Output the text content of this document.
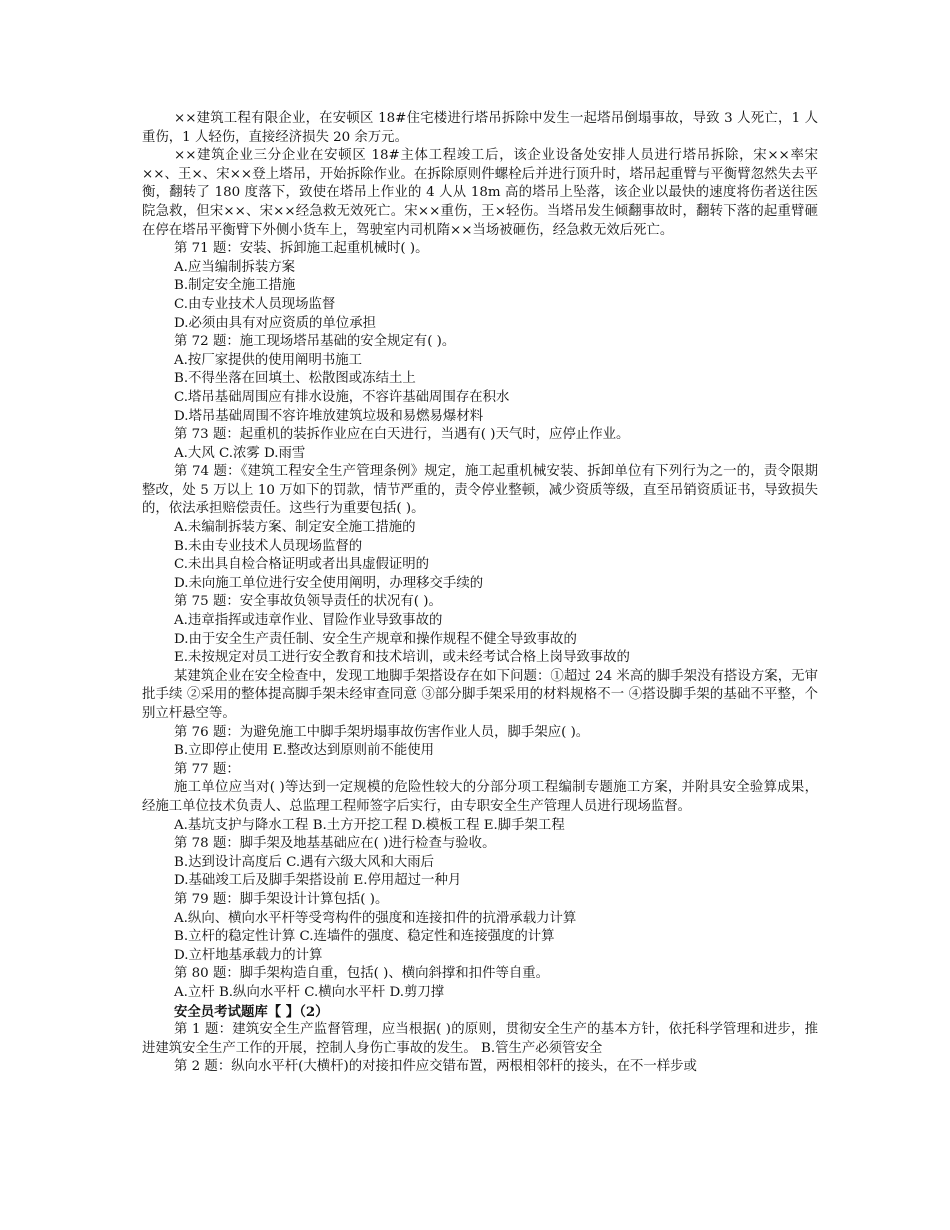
××建筑工程有限企业，在安顿区 18#住宅楼进行塔吊拆除中发生一起塔吊倒塌事故，导致 3 人死亡，1 人重伤，1 人轻伤，直接经济损失 20 余万元。

××建筑企业三分企业在安顿区 18#主体工程竣工后，该企业设备处安排人员进行塔吊拆除，宋××率宋××、王×、宋××登上塔吊，开始拆除作业。在拆除原则件螺栓后并进行顶升时，塔吊起重臂与平衡臂忽然失去平衡，翻转了 180 度落下，致使在塔吊上作业的 4 人从 18m 高的塔吊上坠落，该企业以最快的速度将伤者送往医院急救，但宋××、宋××经急救无效死亡。宋××重伤，王×轻伤。当塔吊发生倾翻事故时，翻转下落的起重臂砸在停在塔吊平衡臂下外侧小货车上，驾驶室内司机隋××当场被砸伤，经急救无效后死亡。

第 71 题：安装、拆卸施工起重机械时( )。

A.应当编制拆装方案

B.制定安全施工措施

C.由专业技术人员现场监督

D.必须由具有对应资质的单位承担

第 72 题：施工现场塔吊基础的安全规定有( )。

A.按厂家提供的使用阐明书施工

B.不得坐落在回填土、松散图或冻结土上

C.塔吊基础周围应有排水设施，不容许基础周围存在积水

D.塔吊基础周围不容许堆放建筑垃圾和易燃易爆材料

第 73 题：起重机的装拆作业应在白天进行，当遇有( )天气时，应停止作业。

A.大风 C.浓雾 D.雨雪

第 74 题：《建筑工程安全生产管理条例》规定，施工起重机械安装、拆卸单位有下列行为之一的，责令限期整改，处 5 万以上 10 万如下的罚款，情节严重的，责令停业整顿，减少资质等级，直至吊销资质证书，导致损失的，依法承担赔偿责任。这些行为重要包括( )。

A.未编制拆装方案、制定安全施工措施的

B.未由专业技术人员现场监督的

C.未出具自检合格证明或者出具虚假证明的

D.未向施工单位进行安全使用阐明，办理移交手续的

第 75 题：安全事故负领导责任的状况有( )。

A.违章指挥或违章作业、冒险作业导致事故的

D.由于安全生产责任制、安全生产规章和操作规程不健全导致事故的

E.未按规定对员工进行安全教育和技术培训，或未经考试合格上岗导致事故的

某建筑企业在安全检查中，发现工地脚手架搭设存在如下问题：①超过 24 米高的脚手架没有搭设方案，无审批手续 ②采用的整体提高脚手架未经审查同意 ③部分脚手架采用的材料规格不一 ④搭设脚手架的基础不平整，个别立杆悬空等。

第 76 题：为避免施工中脚手架坍塌事故伤害作业人员，脚手架应( )。

B.立即停止使用 E.整改达到原则前不能使用

第 77 题：

施工单位应当对( )等达到一定规模的危险性较大的分部分项工程编制专题施工方案，并附具安全验算成果，经施工单位技术负责人、总监理工程师签字后实行，由专职安全生产管理人员进行现场监督。

A.基坑支护与降水工程 B.土方开挖工程 D.模板工程 E.脚手架工程

第 78 题：脚手架及地基基础应在( )进行检查与验收。

B.达到设计高度后 C.遇有六级大风和大雨后

D.基础竣工后及脚手架搭设前 E.停用超过一种月

第 79 题：脚手架设计计算包括( )。

A.纵向、横向水平杆等受弯构件的强度和连接扣件的抗滑承载力计算

B.立杆的稳定性计算 C.连墙件的强度、稳定性和连接强度的计算

D.立杆地基承载力的计算

第 80 题：脚手架构造自重，包括( )、横向斜撑和扣件等自重。

A.立杆 B.纵向水平杆 C.横向水平杆 D.剪刀撑

安全员考试题库【 】（2）

第 1 题：建筑安全生产监督管理，应当根据( )的原则，贯彻安全生产的基本方针，依托科学管理和进步，推进建筑安全生产工作的开展，控制人身伤亡事故的发生。 B.管生产必须管安全

第 2 题：纵向水平杆(大横杆)的对接扣件应交错布置，两根相邻杆的接头，在不一样步或
